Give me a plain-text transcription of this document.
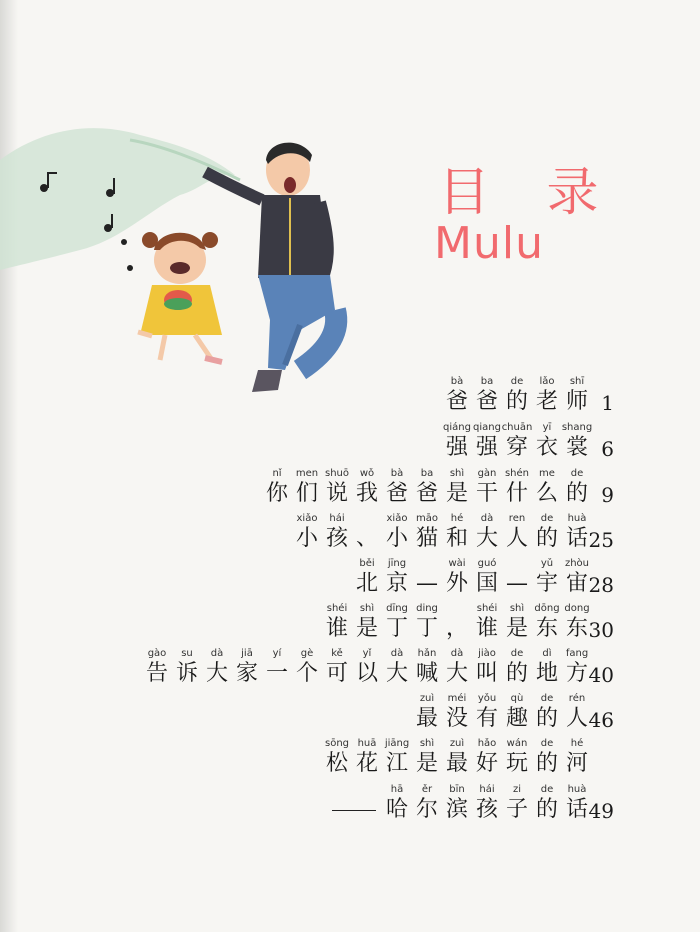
目 录
Mulu
bà
爸
ba
爸
de
的
lǎo
老
shī
师 1
qiáng
强
qiang
强
chuān
穿
yī
衣
shang
裳 6
nǐ
你
men
们
shuō
说
wǒ
我
bà
爸
ba
爸
shì
是
gàn
干
shén
什
me
么
de
的 9
xiǎo
小
hái
孩 、
xiǎo
小
māo
猫
hé
和
dà
大
ren
人
de
的
huà
话 25
běi
北
jīng
京 —
wài
外
guó
国 —
yǔ
宇
zhòu
宙 28
shéi
谁
shì
是
dīng
丁
ding
丁 ，
shéi
谁
shì
是
dōng
东
dong
东 30
gào
告
su
诉
dà
大
jiā
家
yí
一
gè
个
kě
可
yǐ
以
dà
大
hǎn
喊
dà
大
jiào
叫
de
的
dì
地
fang
方 40
zuì
最
méi
没
yǒu
有
qù
趣
de
的
rén
人 46
sōng
松
huā
花
jiāng
江
shì
是
zuì
最
hǎo
好
wán
玩
de
的
hé
河
hā
哈
ěr
尔
bīn
滨
hái
孩
zi
子
de
的
huà
话 49
